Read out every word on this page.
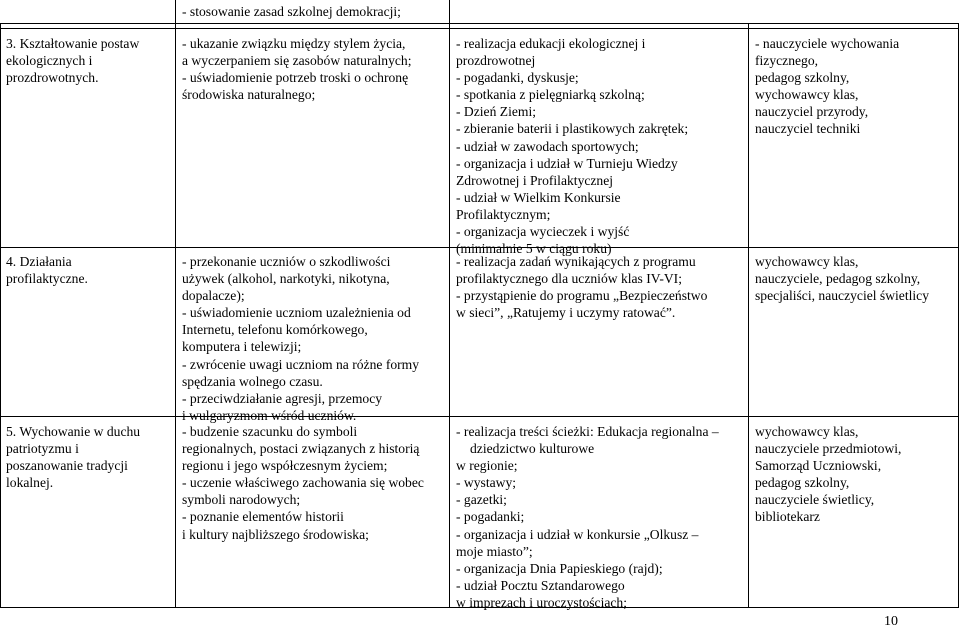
- stosowanie zasad szkolnej demokracji;

3. Kształtowanie postaw

ekologicznych i

prozdrowotnych.

- ukazanie związku między stylem życia,

a wyczerpaniem się zasobów naturalnych;

- uświadomienie potrzeb troski o ochronę

środowiska naturalnego;

- realizacja edukacji ekologicznej i

prozdrowotnej

- pogadanki, dyskusje;

- spotkania z pielęgniarką szkolną;

- Dzień Ziemi;

- zbieranie baterii i plastikowych zakrętek;

- udział w zawodach sportowych;

- organizacja i udział w Turnieju Wiedzy

Zdrowotnej i Profilaktycznej

- udział w Wielkim Konkursie

Profilaktycznym;

- organizacja wycieczek i wyjść

(minimalnie 5 w ciągu roku)

- nauczyciele wychowania

fizycznego,

pedagog szkolny,

wychowawcy klas,

nauczyciel przyrody,

nauczyciel techniki

4. Działania

profilaktyczne.

- przekonanie uczniów o szkodliwości

używek (alkohol, narkotyki, nikotyna,

dopalacze);

- uświadomienie uczniom uzależnienia od

Internetu, telefonu komórkowego,

komputera i telewizji;

- zwrócenie uwagi uczniom na różne formy

spędzania wolnego czasu.

- przeciwdziałanie agresji, przemocy

i wulgaryzmom wśród uczniów.

- realizacja zadań wynikających z programu

profilaktycznego dla uczniów klas IV-VI;

- przystąpienie do programu „Bezpieczeństwo

w sieci”, „Ratujemy i uczymy ratować”.

wychowawcy klas,

nauczyciele, pedagog szkolny,

specjaliści, nauczyciel świetlicy

5. Wychowanie w duchu

patriotyzmu i

poszanowanie tradycji

lokalnej.

- budzenie szacunku do symboli

regionalnych, postaci związanych z historią

regionu i jego współczesnym życiem;

- uczenie właściwego zachowania się wobec

symboli narodowych;

- poznanie elementów historii

i kultury najbliższego środowiska;

- realizacja treści ścieżki: Edukacja regionalna –

dziedzictwo kulturowe

w regionie;

- wystawy;

- gazetki;

- pogadanki;

- organizacja i udział w konkursie „Olkusz –

moje miasto”;

- organizacja Dnia Papieskiego (rajd);

- udział Pocztu Sztandarowego

w imprezach i uroczystościach;

wychowawcy klas,

nauczyciele przedmiotowi,

Samorząd Uczniowski,

pedagog szkolny,

nauczyciele świetlicy,

bibliotekarz

10
